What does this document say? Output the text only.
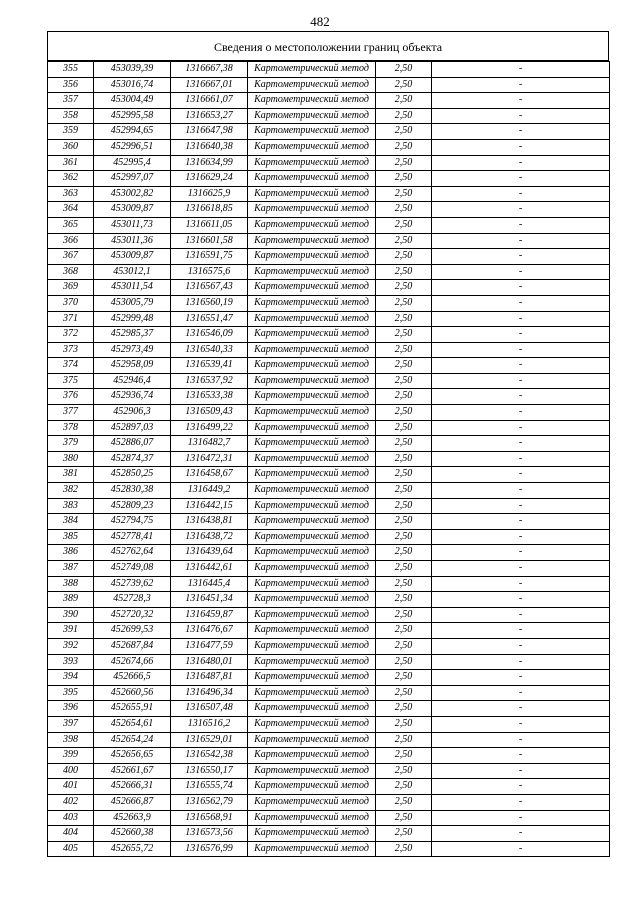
482
Сведения о местоположении границ объекта
355	453039,39	1316667,38	Картометрический метод	2,50	-
356	453016,74	1316667,01	Картометрический метод	2,50	-
357	453004,49	1316661,07	Картометрический метод	2,50	-
358	452995,58	1316653,27	Картометрический метод	2,50	-
359	452994,65	1316647,98	Картометрический метод	2,50	-
360	452996,51	1316640,38	Картометрический метод	2,50	-
361	452995,4	1316634,99	Картометрический метод	2,50	-
362	452997,07	1316629,24	Картометрический метод	2,50	-
363	453002,82	1316625,9	Картометрический метод	2,50	-
364	453009,87	1316618,85	Картометрический метод	2,50	-
365	453011,73	1316611,05	Картометрический метод	2,50	-
366	453011,36	1316601,58	Картометрический метод	2,50	-
367	453009,87	1316591,75	Картометрический метод	2,50	-
368	453012,1	1316575,6	Картометрический метод	2,50	-
369	453011,54	1316567,43	Картометрический метод	2,50	-
370	453005,79	1316560,19	Картометрический метод	2,50	-
371	452999,48	1316551,47	Картометрический метод	2,50	-
372	452985,37	1316546,09	Картометрический метод	2,50	-
373	452973,49	1316540,33	Картометрический метод	2,50	-
374	452958,09	1316539,41	Картометрический метод	2,50	-
375	452946,4	1316537,92	Картометрический метод	2,50	-
376	452936,74	1316533,38	Картометрический метод	2,50	-
377	452906,3	1316509,43	Картометрический метод	2,50	-
378	452897,03	1316499,22	Картометрический метод	2,50	-
379	452886,07	1316482,7	Картометрический метод	2,50	-
380	452874,37	1316472,31	Картометрический метод	2,50	-
381	452850,25	1316458,67	Картометрический метод	2,50	-
382	452830,38	1316449,2	Картометрический метод	2,50	-
383	452809,23	1316442,15	Картометрический метод	2,50	-
384	452794,75	1316438,81	Картометрический метод	2,50	-
385	452778,41	1316438,72	Картометрический метод	2,50	-
386	452762,64	1316439,64	Картометрический метод	2,50	-
387	452749,08	1316442,61	Картометрический метод	2,50	-
388	452739,62	1316445,4	Картометрический метод	2,50	-
389	452728,3	1316451,34	Картометрический метод	2,50	-
390	452720,32	1316459,87	Картометрический метод	2,50	-
391	452699,53	1316476,67	Картометрический метод	2,50	-
392	452687,84	1316477,59	Картометрический метод	2,50	-
393	452674,66	1316480,01	Картометрический метод	2,50	-
394	452666,5	1316487,81	Картометрический метод	2,50	-
395	452660,56	1316496,34	Картометрический метод	2,50	-
396	452655,91	1316507,48	Картометрический метод	2,50	-
397	452654,61	1316516,2	Картометрический метод	2,50	-
398	452654,24	1316529,01	Картометрический метод	2,50	-
399	452656,65	1316542,38	Картометрический метод	2,50	-
400	452661,67	1316550,17	Картометрический метод	2,50	-
401	452666,31	1316555,74	Картометрический метод	2,50	-
402	452666,87	1316562,79	Картометрический метод	2,50	-
403	452663,9	1316568,91	Картометрический метод	2,50	-
404	452660,38	1316573,56	Картометрический метод	2,50	-
405	452655,72	1316576,99	Картометрический метод	2,50	-
